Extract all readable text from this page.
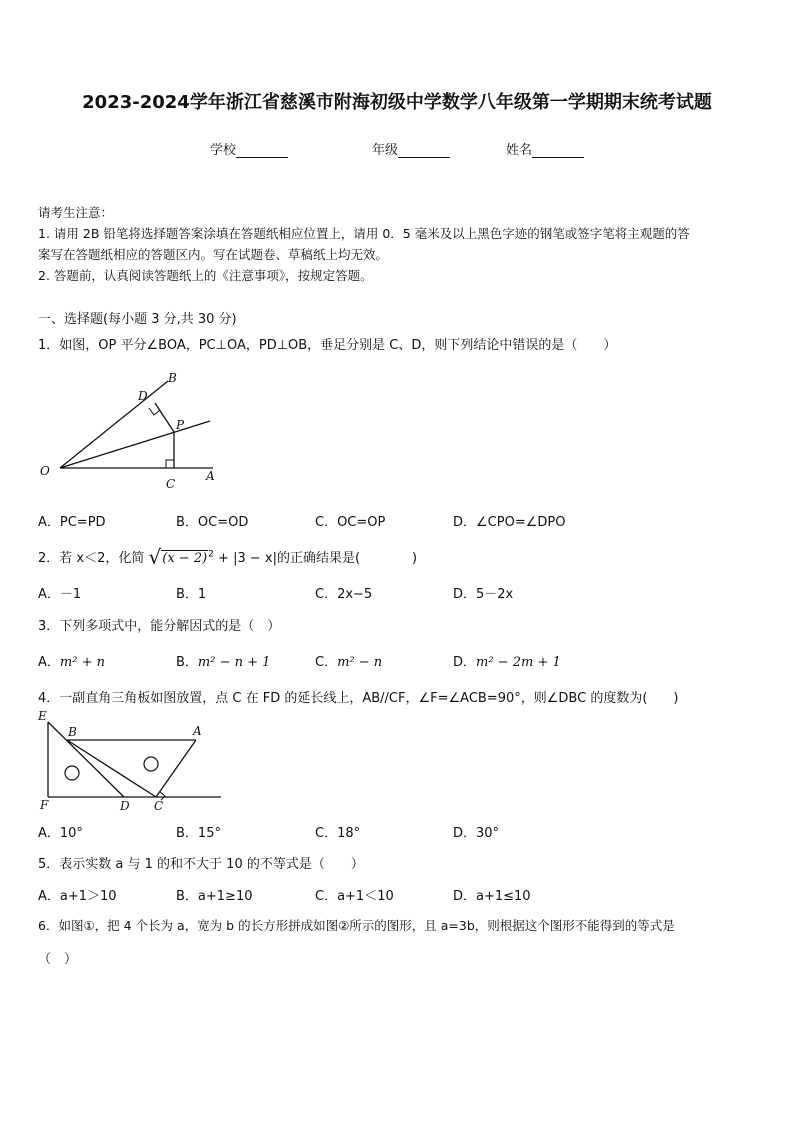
2023-2024学年浙江省慈溪市附海初级中学数学八年级第一学期期末统考试题
学校	年级	姓名
请考生注意：
1. 请用 2B 铅笔将选择题答案涂填在答题纸相应位置上，请用 0．5 毫米及以上黑色字迹的钢笔或签字笔将主观题的答
案写在答题纸相应的答题区内。写在试题卷、草稿纸上均无效。
2. 答题前，认真阅读答题纸上的《注意事项》，按规定答题。
一、选择题(每小题 3 分,共 30 分)
1．如图，OP 平分∠BOA，PC⊥OA，PD⊥OB，垂足分别是 C、D，则下列结论中错误的是（　　）
O	A
B
C
D
P
A．PC=PD	B．OC=OD	C．OC=OP	D．∠CPO=∠DPO
2．若 x＜2，化简 $√(x - 2)^2 + |3 - x|$的正确结果是(　　　　)
A．－1	B．1	C．2x−5	D．5－2x
3．下列多项式中，能分解因式的是（　）
A．m² + n	B．m² − n + 1	C．m² − n	D．m² − 2m + 1
4．一副直角三角板如图放置，点 C 在 FD 的延长线上，AB//CF，∠F=∠ACB=90°，则∠DBC 的度数为(　　)
E
B	A
F	D C
A．10°	B．15°	C．18°	D．30°
5．表示实数 a 与 1 的和不大于 10 的不等式是（　　）
A．a+1＞10	B．a+1≥10	C．a+1＜10	D．a+1≤10
6．如图①，把 4 个长为 a，宽为 b 的长方形拼成如图②所示的图形，且 a=3b，则根据这个图形不能得到的等式是
（　）
